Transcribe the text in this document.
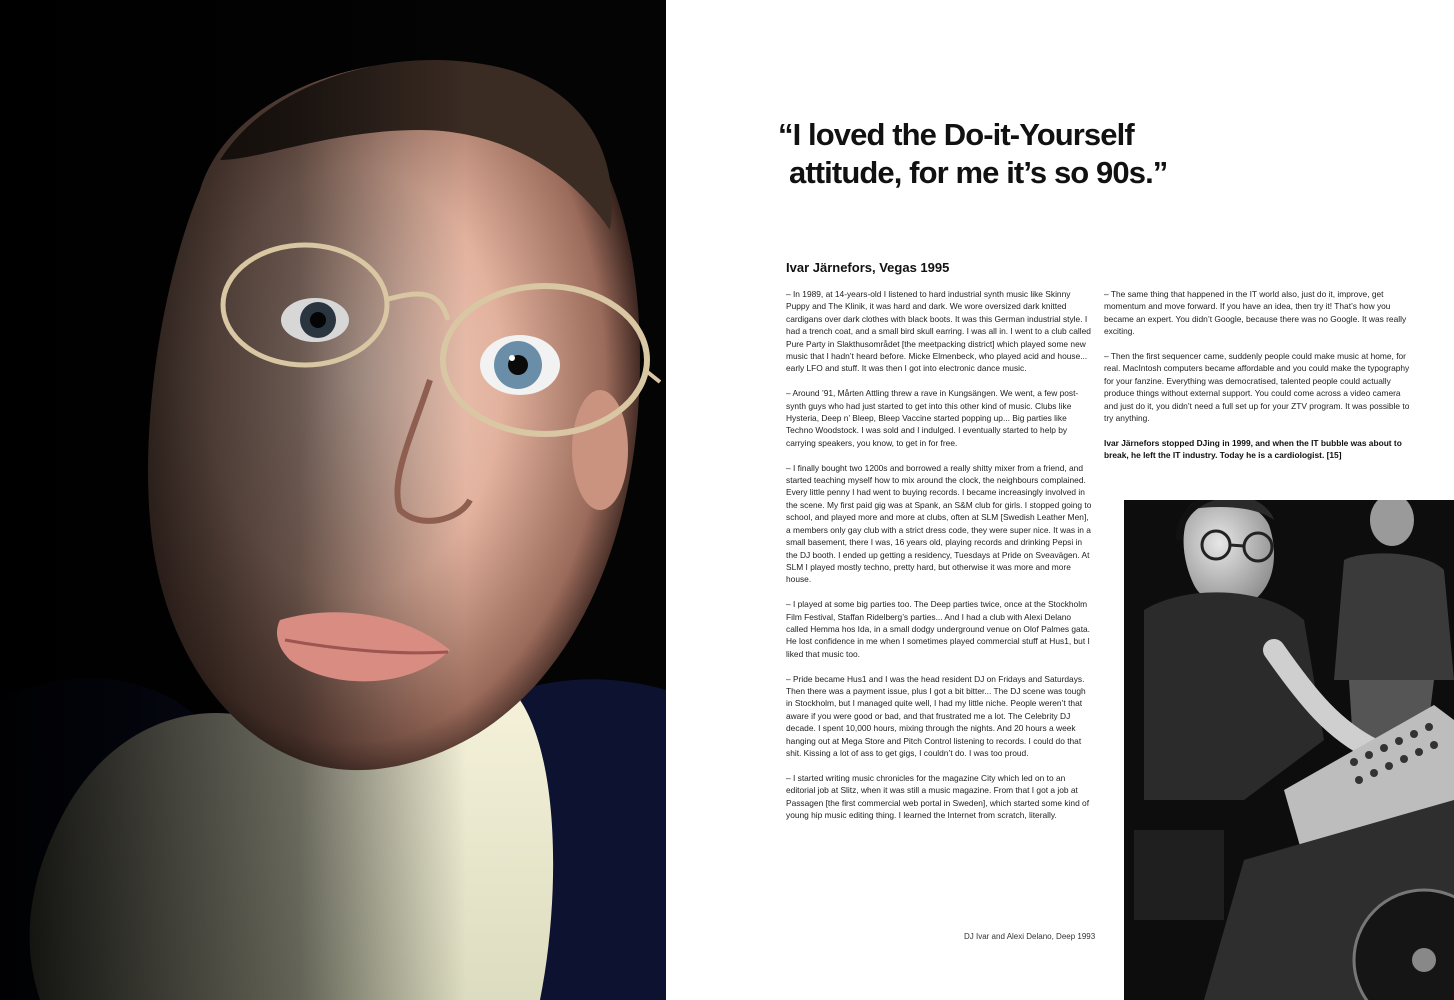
“I loved the Do-it-Yourself
attitude, for me it’s so 90s.”
Ivar Järnefors, Vegas 1995

– In 1989, at 14-years-old I listened to hard industrial synth music like Skinny Puppy and The Klinik, it was hard and dark. We wore oversized dark knitted cardigans over dark clothes with black boots. It was this German industrial style. I had a trench coat, and a small bird skull earring. I was all in. I went to a club called Pure Party in Slakthusområdet [the meetpacking district] which played some new music that I hadn’t heard before. Micke Elmenbeck, who played acid and house... early LFO and stuff. It was then I got into electronic dance music.

– Around ’91, Mårten Attling threw a rave in Kungsängen. We went, a few post-synth guys who had just started to get into this other kind of music. Clubs like Hysteria, Deep n’ Bleep, Bleep Vaccine started popping up... Big parties like Techno Woodstock. I was sold and I indulged. I eventually started to help by carrying speakers, you know, to get in for free.

– I finally bought two 1200s and borrowed a really shitty mixer from a friend, and started teaching myself how to mix around the clock, the neighbours complained. Every little penny I had went to buying records. I became increasingly involved in the scene. My first paid gig was at Spank, an S&M club for girls. I stopped going to school, and played more and more at clubs, often at SLM [Swedish Leather Men], a members only gay club with a strict dress code, they were super nice. It was in a small basement, there I was, 16 years old, playing records and drinking Pepsi in the DJ booth. I ended up getting a residency, Tuesdays at Pride on Sveavägen. At SLM I played mostly techno, pretty hard, but otherwise it was more and more house.

– I played at some big parties too. The Deep parties twice, once at the Stockholm Film Festival, Staffan Ridelberg’s parties... And I had a club with Alexi Delano called Hemma hos Ida, in a small dodgy underground venue on Olof Palmes gata. He lost confidence in me when I sometimes played commercial stuff at Hus1, but I liked that music too.

– Pride became Hus1 and I was the head resident DJ on Fridays and Saturdays. Then there was a payment issue, plus I got a bit bitter... The DJ scene was tough in Stockholm, but I managed quite well, I had my little niche. People weren’t that aware if you were good or bad, and that frustrated me a lot. The Celebrity DJ decade. I spent 10,000 hours, mixing through the nights. And 20 hours a week hanging out at Mega Store and Pitch Control listening to records. I could do that shit. Kissing a lot of ass to get gigs, I couldn’t do. I was too proud.

– I started writing music chronicles for the magazine City which led on to an editorial job at Slitz, when it was still a music magazine. From that I got a job at Passagen [the first commercial web portal in Sweden], which started some kind of young hip music editing thing. I learned the Internet from scratch, literally.

– The same thing that happened in the IT world also, just do it, improve, get momentum and move forward. If you have an idea, then try it! That’s how you became an expert. You didn’t Google, because there was no Google. It was really exciting.

– Then the first sequencer came, suddenly people could make music at home, for real. MacIntosh computers became affordable and you could make the typography for your fanzine. Everything was democratised, talented people could actually produce things without external support. You could come across a video camera and just do it, you didn’t need a full set up for your ZTV program. It was possible to try anything.

Ivar Järnefors stopped DJing in 1999, and when the IT bubble was about to break, he left the IT industry. Today he is a cardiologist. [15]

DJ Ivar and Alexi Delano, Deep 1993
